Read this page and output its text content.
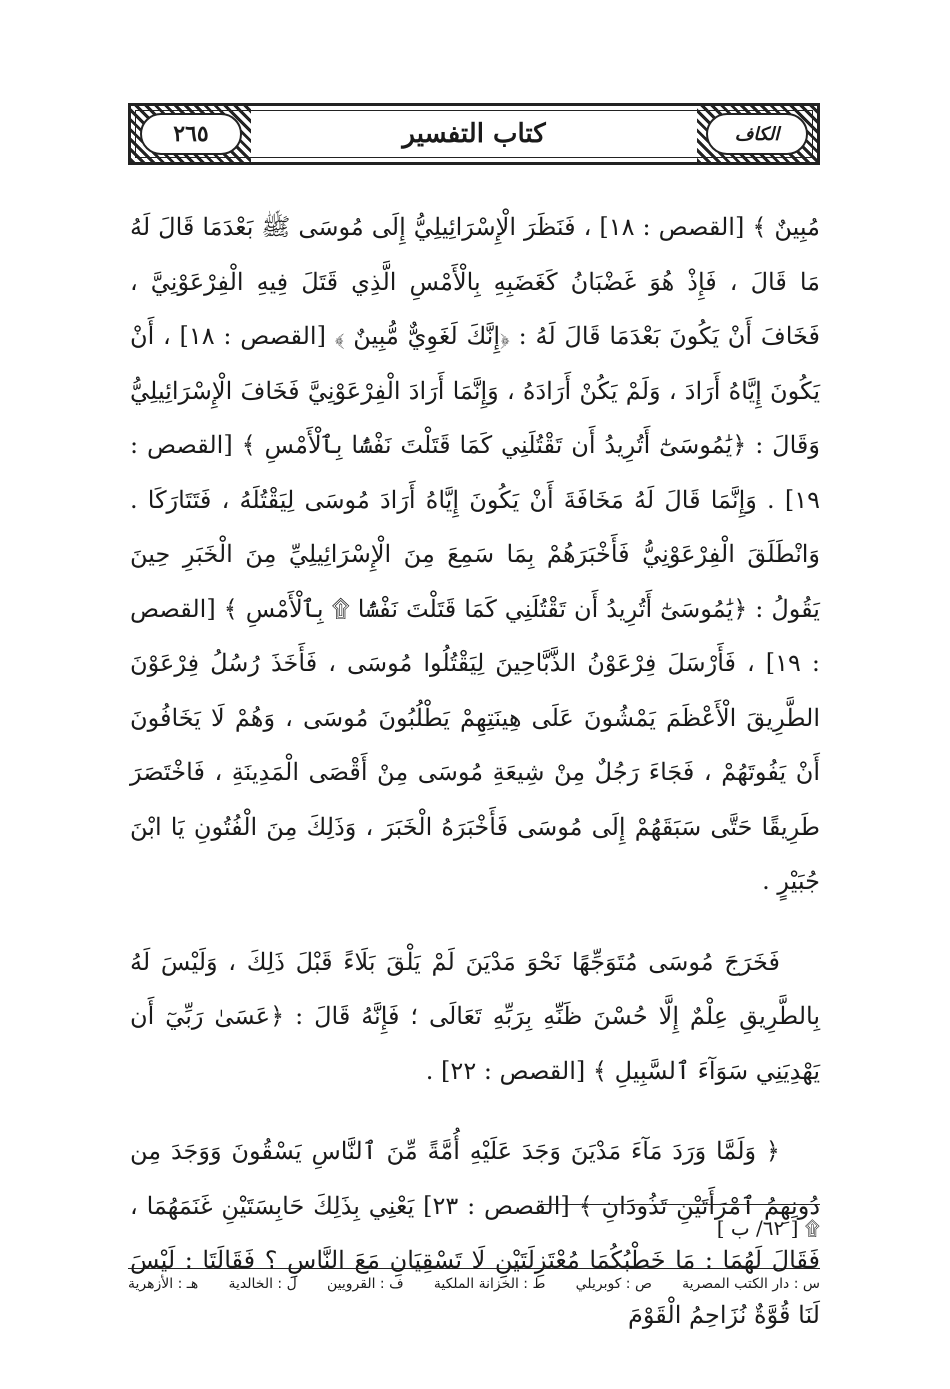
٢٦٥	كتاب التفسير	الكاف

مُبِينٌ ﴾ [القصص : ١٨] ، فَنَظَرَ الْإِسْرَائِيلِيُّ إِلَى مُوسَى ﷺ بَعْدَمَا قَالَ لَهُ مَا قَالَ ، فَإِذْ هُوَ غَضْبَانُ كَغَضَبِهِ بِالْأَمْسِ الَّذِي قَتَلَ فِيهِ الْفِرْعَوْنِيَّ ، فَخَافَ أَنْ يَكُونَ بَعْدَمَا قَالَ لَهُ : ﴿إِنَّكَ لَغَوِيٌّ مُّبِينٌ ﴾ [القصص : ١٨] ، أَنْ يَكُونَ إِيَّاهُ أَرَادَ ، وَلَمْ يَكُنْ أَرَادَهُ ، وَإِنَّمَا أَرَادَ الْفِرْعَوْنِيَّ فَخَافَ الْإِسْرَائِيلِيُّ وَقَالَ : ﴿يَٰمُوسَىٰٓ أَتُرِيدُ أَن تَقْتُلَنِي كَمَا قَتَلْتَ نَفْسًۢا بِٱلْأَمْسِ ﴾ [القصص : ١٩] . وَإِنَّمَا قَالَ لَهُ مَخَافَةَ أَنْ يَكُونَ إِيَّاهُ أَرَادَ مُوسَى لِيَقْتُلَهُ ، فَتَتَارَكَا . وَانْطَلَقَ الْفِرْعَوْنِيُّ فَأَخْبَرَهُمْ بِمَا سَمِعَ مِنَ الْإِسْرَائِيلِيِّ مِنَ الْخَبَرِ حِينَ يَقُولُ : ﴿يَٰمُوسَىٰٓ أَتُرِيدُ أَن تَقْتُلَنِي كَمَا قَتَلْتَ نَفْسًۢا ۩ بِٱلْأَمْسِ ﴾ [القصص : ١٩] ، فَأَرْسَلَ فِرْعَوْنُ الذَّبَّاحِينَ لِيَقْتُلُوا مُوسَى ، فَأَخَذَ رُسُلُ فِرْعَوْنَ الطَّرِيقَ الْأَعْظَمَ يَمْشُونَ عَلَى هِينَتِهِمْ يَطْلُبُونَ مُوسَى ، وَهُمْ لَا يَخَافُونَ أَنْ يَفُوتَهُمْ ، فَجَاءَ رَجُلٌ مِنْ شِيعَةِ مُوسَى مِنْ أَقْصَى الْمَدِينَةِ ، فَاخْتَصَرَ طَرِيقًا حَتَّى سَبَقَهُمْ إِلَى مُوسَى فَأَخْبَرَهُ الْخَبَرَ ، وَذَلِكَ مِنَ الْفُتُونِ يَا ابْنَ جُبَيْرٍ .

فَخَرَجَ مُوسَى مُتَوَجِّهًا نَحْوَ مَدْيَنَ لَمْ يَلْقَ بَلَاءً قَبْلَ ذَلِكَ ، وَلَيْسَ لَهُ بِالطَّرِيقِ عِلْمٌ إِلَّا حُسْنَ ظَنِّهِ بِرَبِّهِ تَعَالَى ؛ فَإِنَّهُ قَالَ : ﴿عَسَىٰ رَبِّيٓ أَن يَهْدِيَنِي سَوَآءَ ٱلسَّبِيلِ ﴾ [القصص : ٢٢] .

﴿ وَلَمَّا وَرَدَ مَآءَ مَدْيَنَ وَجَدَ عَلَيْهِ أُمَّةً مِّنَ ٱلنَّاسِ يَسْقُونَ وَوَجَدَ مِن دُونِهِمُ ٱمْرَأَتَيْنِ تَذُودَانِ ﴾ [القصص : ٢٣] يَعْنِي بِذَلِكَ حَابِسَتَيْنِ غَنَمَهُمَا ، فَقَالَ لَهُمَا : مَا خَطْبُكُمَا مُعْتَزِلَتَيْنِ لَا تَسْقِيَانِ مَعَ النَّاسِ ؟ فَقَالَتَا : لَيْسَ لَنَا قُوَّةٌ نُزَاحِمُ الْقَوْمَ

۩ [ ٦٢/ ب ]
س : دار الكتب المصرية
ص : كوبريلي
ط : الخزانة الملكية
ف : القرويين
ل : الخالدية
هـ : الأزهرية
